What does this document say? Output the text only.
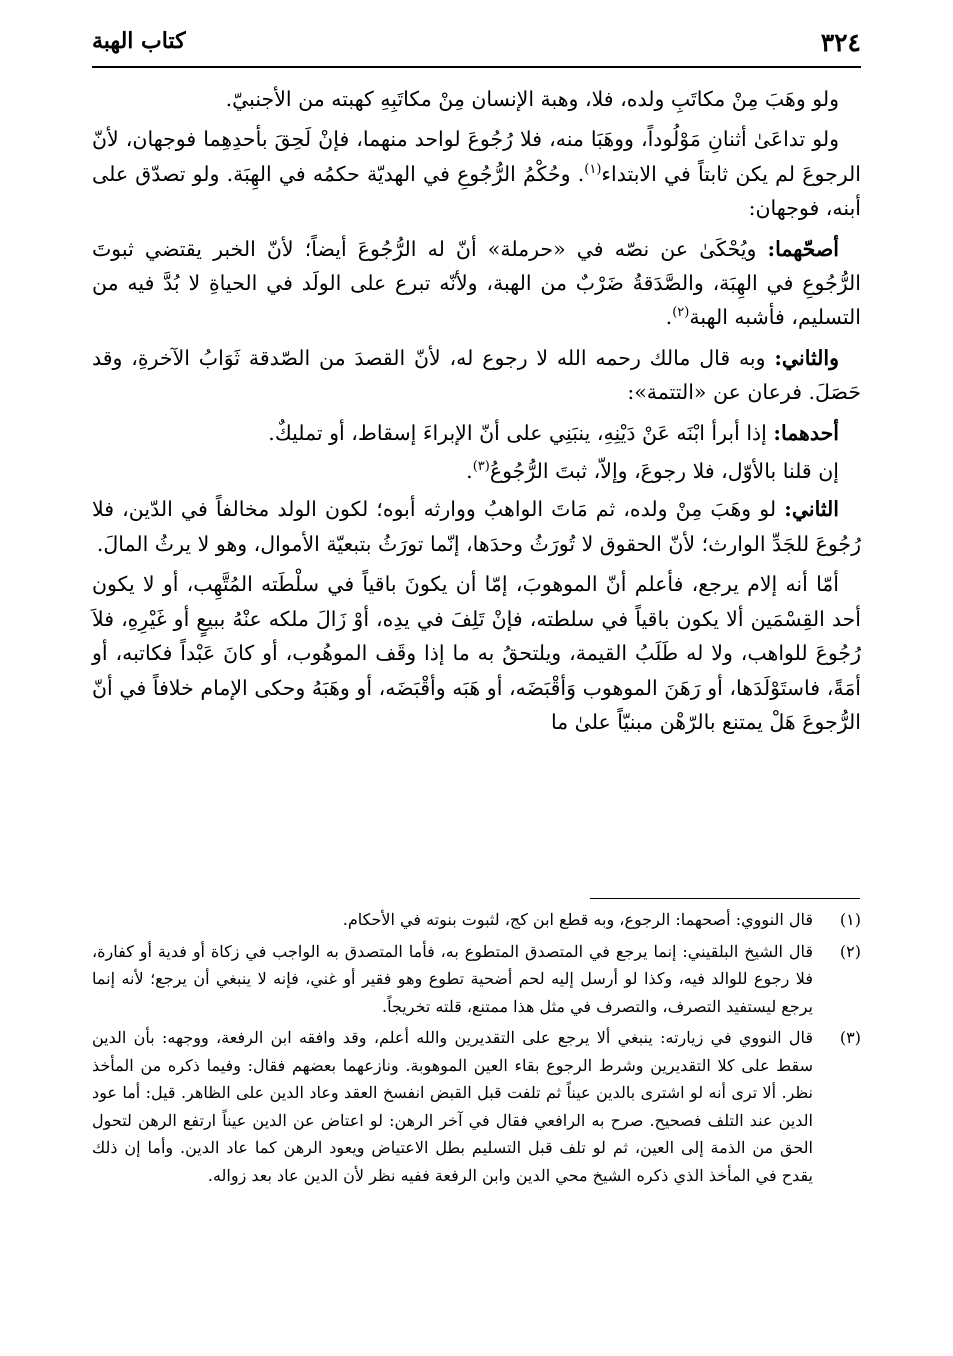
٣٢٤
كتاب الهبة

ولو وهَبَ مِنْ مكاتَبِ ولده، فلا، وهبة الإنسان مِنْ مكاتَبِهِ كهبته من الأجنبيّ.

ولو تداعَىٰ أثنانِ مَوْلُوداً، ووهَبَا منه، فلا رُجُوعَ لواحد منهما، فإنْ لَحِقَ بأحدِهِما فوجهان، لأنّ الرجوعَ لم يكن ثابتاً في الابتداء$^{(١)}$. وحُكْمُ الرُّجُوعِ في الهديّة حكمُه في الهِبَة. ولو تصدّق على أبنه، فوجهان:

أصحّهما: ويُحْكَىٰ عن نصّه في «حرملة» أنّ له الرُّجُوعَ أيضاً؛ لأنّ الخبر يقتضي ثبوتَ الرُّجُوعِ في الهِبَة، والصَّدَقةُ ضَرْبٌ من الهبة، ولأنّه تبرع على الولَد في الحياةِ لا بُدَّ فيه من التسليم، فأشبه الهبة$^{(٢)}$.

والثاني: وبه قال مالك رحمه الله لا رجوع له، لأنّ القصدَ من الصّدقة ثَوَابُ الآخرةِ، وقد حَصَلَ. فرعان عن «التتمة»:

أحدهما: إذا أبرأ ابْنَه عَنْ دَيْنِهِ، ينبَنِي على أنّ الإبراءَ إسقاط، أو تمليكٌ.

إن قلنا بالأوّل، فلا رجوعَ، وإلاّ، ثبتَ الرُّجُوعُ$^{(٣)}$.

الثاني: لو وهَبَ مِنْ ولده، ثم مَاتَ الواهبُ ووارثه أبوه؛ لكون الولد مخالفاً في الدّين، فلا رُجُوعَ للجَدِّ الوارث؛ لأنّ الحقوق لا تُورَثُ وحدَها، إنّما تورَثُ بتبعيّة الأموال، وهو لا يرثُ المالَ.

أمّا أنه إلام يرجع، فأعلم أنّ الموهوبَ، إمّا أن يكونَ باقياً في سلْطَته المُتَّهِب، أو لا يكون أحد القِسْمَين ألا يكون باقياً في سلطته، فإنْ تَلِفَ في يدِه، أوْ زَالَ ملكه عنْهُ ببيعٍ أو غَيْرِهِ، فلاَ رُجُوعَ للواهب، ولا له طَلَبُ القيمة، ويلتحقُ به ما إذا وقَف الموهُوب، أو كانَ عَبْداً فكاتبه، أو أمَةً، فاستَوْلَدَها، أو رَهَنَ الموهوب وَأقْبَضَه، أو هَبَه وأقْبَضَه، أو وهَبَهُ وحكى الإمام خلافاً في أنّ الرُّجوعَ هَلْ يمتنع بالرّهْن مبنيّاً علىٰ ما

(١)
قال النووي: أصحهما: الرجوع، وبه قطع ابن كج، لثبوت بنوته في الأحكام.
(٢)
قال الشيخ البلقيني: إنما يرجع في المتصدق المتطوع به، فأما المتصدق به الواجب في زكاة أو فدية أو كفارة، فلا رجوع للوالد فيه، وكذا لو أرسل إليه لحم أضحية تطوع وهو فقير أو غني، فإنه لا ينبغي أن يرجع؛ لأنه إنما يرجع ليستفيد التصرف، والتصرف في مثل هذا ممتنع، قلته تخريجاً.
(٣)
قال النووي في زيارته: ينبغي ألا يرجع على التقديرين والله أعلم، وقد وافقه ابن الرفعة، ووجهه: بأن الدين سقط على كلا التقديرين وشرط الرجوع بقاء العين الموهوبة. ونازعهما بعضهم فقال: وفيما ذكره من المأخذ نظر. ألا ترى أنه لو اشترى بالدين عيناً ثم تلفت قبل القبض انفسخ العقد وعاد الدين على الظاهر. قيل: أما عود الدين عند التلف فصحيح. صرح به الرافعي فقال في آخر الرهن: لو اعتاض عن الدين عيناً ارتفع الرهن لتحول الحق من الذمة إلى العين، ثم لو تلف قبل التسليم بطل الاعتياض ويعود الرهن كما عاد الدين. وأما إن ذلك يقدح في المأخذ الذي ذكره الشيخ محي الدين وابن الرفعة ففيه نظر لأن الدين عاد بعد زواله.
